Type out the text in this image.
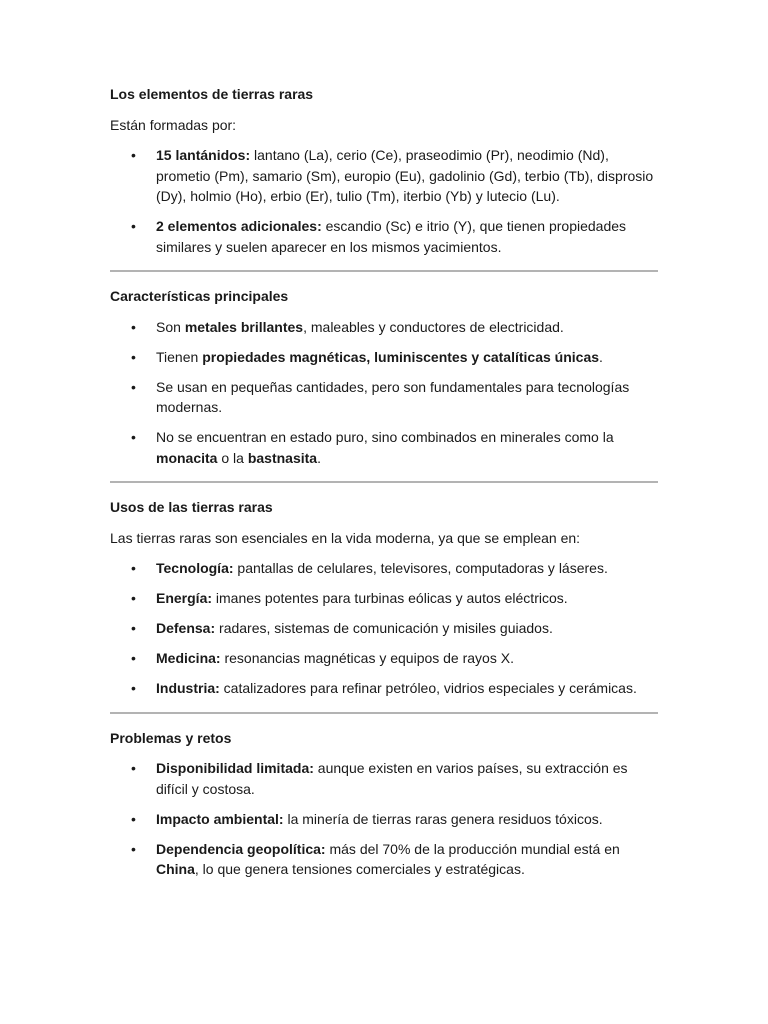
Los elementos de tierras raras

Están formadas por:

• 15 lantánidos: lantano (La), cerio (Ce), praseodimio (Pr), neodimio (Nd), prometio (Pm), samario (Sm), europio (Eu), gadolinio (Gd), terbio (Tb), disprosio (Dy), holmio (Ho), erbio (Er), tulio (Tm), iterbio (Yb) y lutecio (Lu).
• 2 elementos adicionales: escandio (Sc) e itrio (Y), que tienen propiedades similares y suelen aparecer en los mismos yacimientos.
Características principales
• Son metales brillantes, maleables y conductores de electricidad.
• Tienen propiedades magnéticas, luminiscentes y catalíticas únicas.
• Se usan en pequeñas cantidades, pero son fundamentales para tecnologías modernas.
• No se encuentran en estado puro, sino combinados en minerales como la monacita o la bastnasita.
Usos de las tierras raras

Las tierras raras son esenciales en la vida moderna, ya que se emplean en:

• Tecnología: pantallas de celulares, televisores, computadoras y láseres.
• Energía: imanes potentes para turbinas eólicas y autos eléctricos.
• Defensa: radares, sistemas de comunicación y misiles guiados.
• Medicina: resonancias magnéticas y equipos de rayos X.
• Industria: catalizadores para refinar petróleo, vidrios especiales y cerámicas.
Problemas y retos
• Disponibilidad limitada: aunque existen en varios países, su extracción es difícil y costosa.
• Impacto ambiental: la minería de tierras raras genera residuos tóxicos.
• Dependencia geopolítica: más del 70% de la producción mundial está en China, lo que genera tensiones comerciales y estratégicas.
